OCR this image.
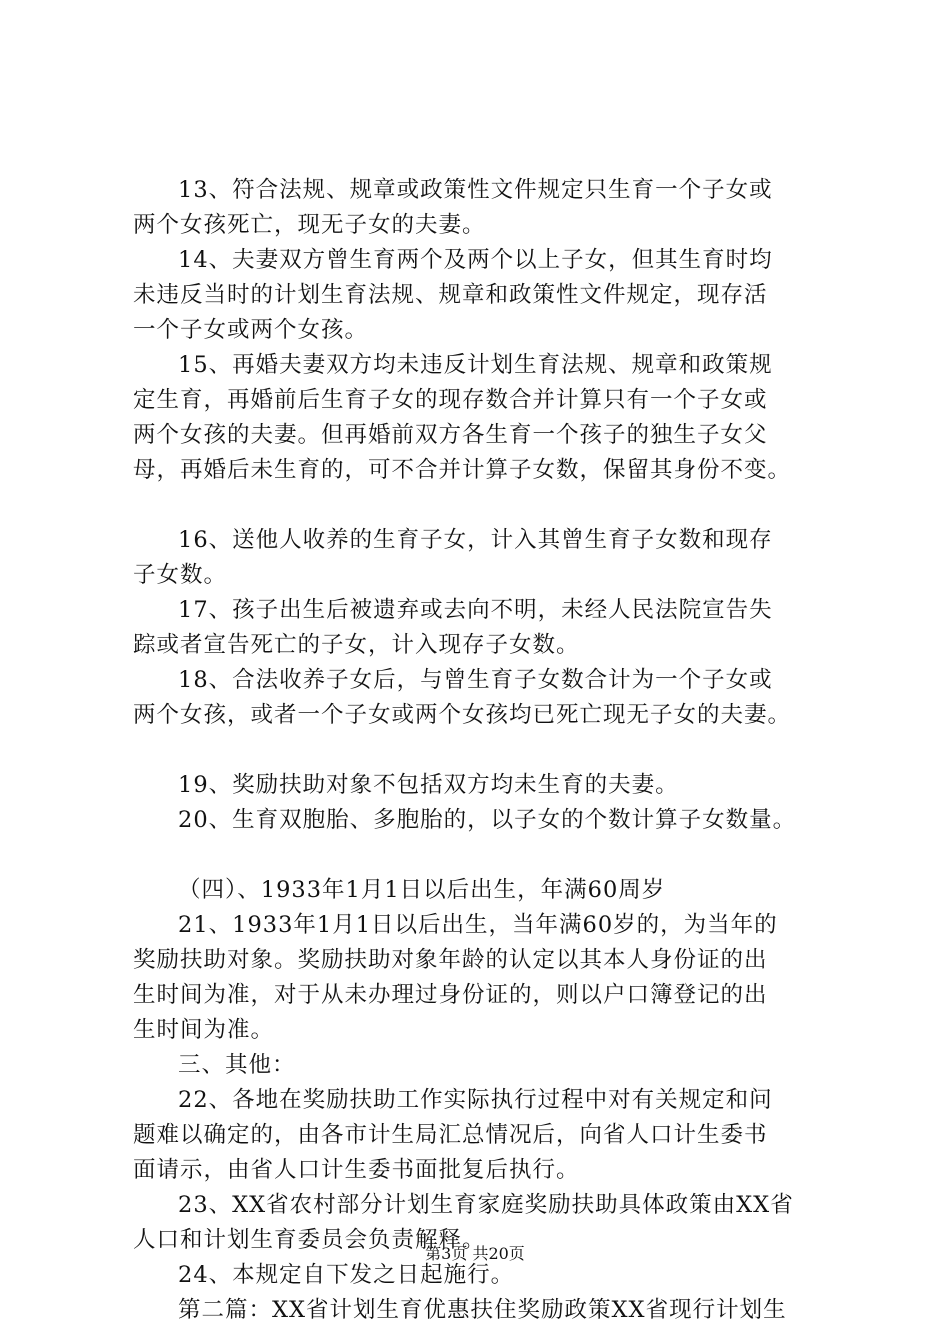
13、符合法规、规章或政策性文件规定只生育一个子女或
两个女孩死亡，现无子女的夫妻。
14、夫妻双方曾生育两个及两个以上子女，但其生育时均
未违反当时的计划生育法规、规章和政策性文件规定，现存活
一个子女或两个女孩。
15、再婚夫妻双方均未违反计划生育法规、规章和政策规
定生育，再婚前后生育子女的现存数合并计算只有一个子女或
两个女孩的夫妻。但再婚前双方各生育一个孩子的独生子女父
母，再婚后未生育的，可不合并计算子女数，保留其身份不变。
16、送他人收养的生育子女，计入其曾生育子女数和现存
子女数。
17、孩子出生后被遗弃或去向不明，未经人民法院宣告失
踪或者宣告死亡的子女，计入现存子女数。
18、合法收养子女后，与曾生育子女数合计为一个子女或
两个女孩，或者一个子女或两个女孩均已死亡现无子女的夫妻。
19、奖励扶助对象不包括双方均未生育的夫妻。
20、生育双胞胎、多胞胎的，以子女的个数计算子女数量。
（四）、1933年1月1日以后出生，年满60周岁
21、1933年1月1日以后出生，当年满60岁的，为当年的
奖励扶助对象。奖励扶助对象年龄的认定以其本人身份证的出
生时间为准，对于从未办理过身份证的，则以户口簿登记的出
生时间为准。
三、其他：
22、各地在奖励扶助工作实际执行过程中对有关规定和问
题难以确定的，由各市计生局汇总情况后，向省人口计生委书
面请示，由省人口计生委书面批复后执行。
23、XX省农村部分计划生育家庭奖励扶助具体政策由XX省
人口和计划生育委员会负责解释。
24、本规定自下发之日起施行。
第二篇：XX省计划生育优惠扶住奖励政策XX省现行计划生
第3页 共20页
